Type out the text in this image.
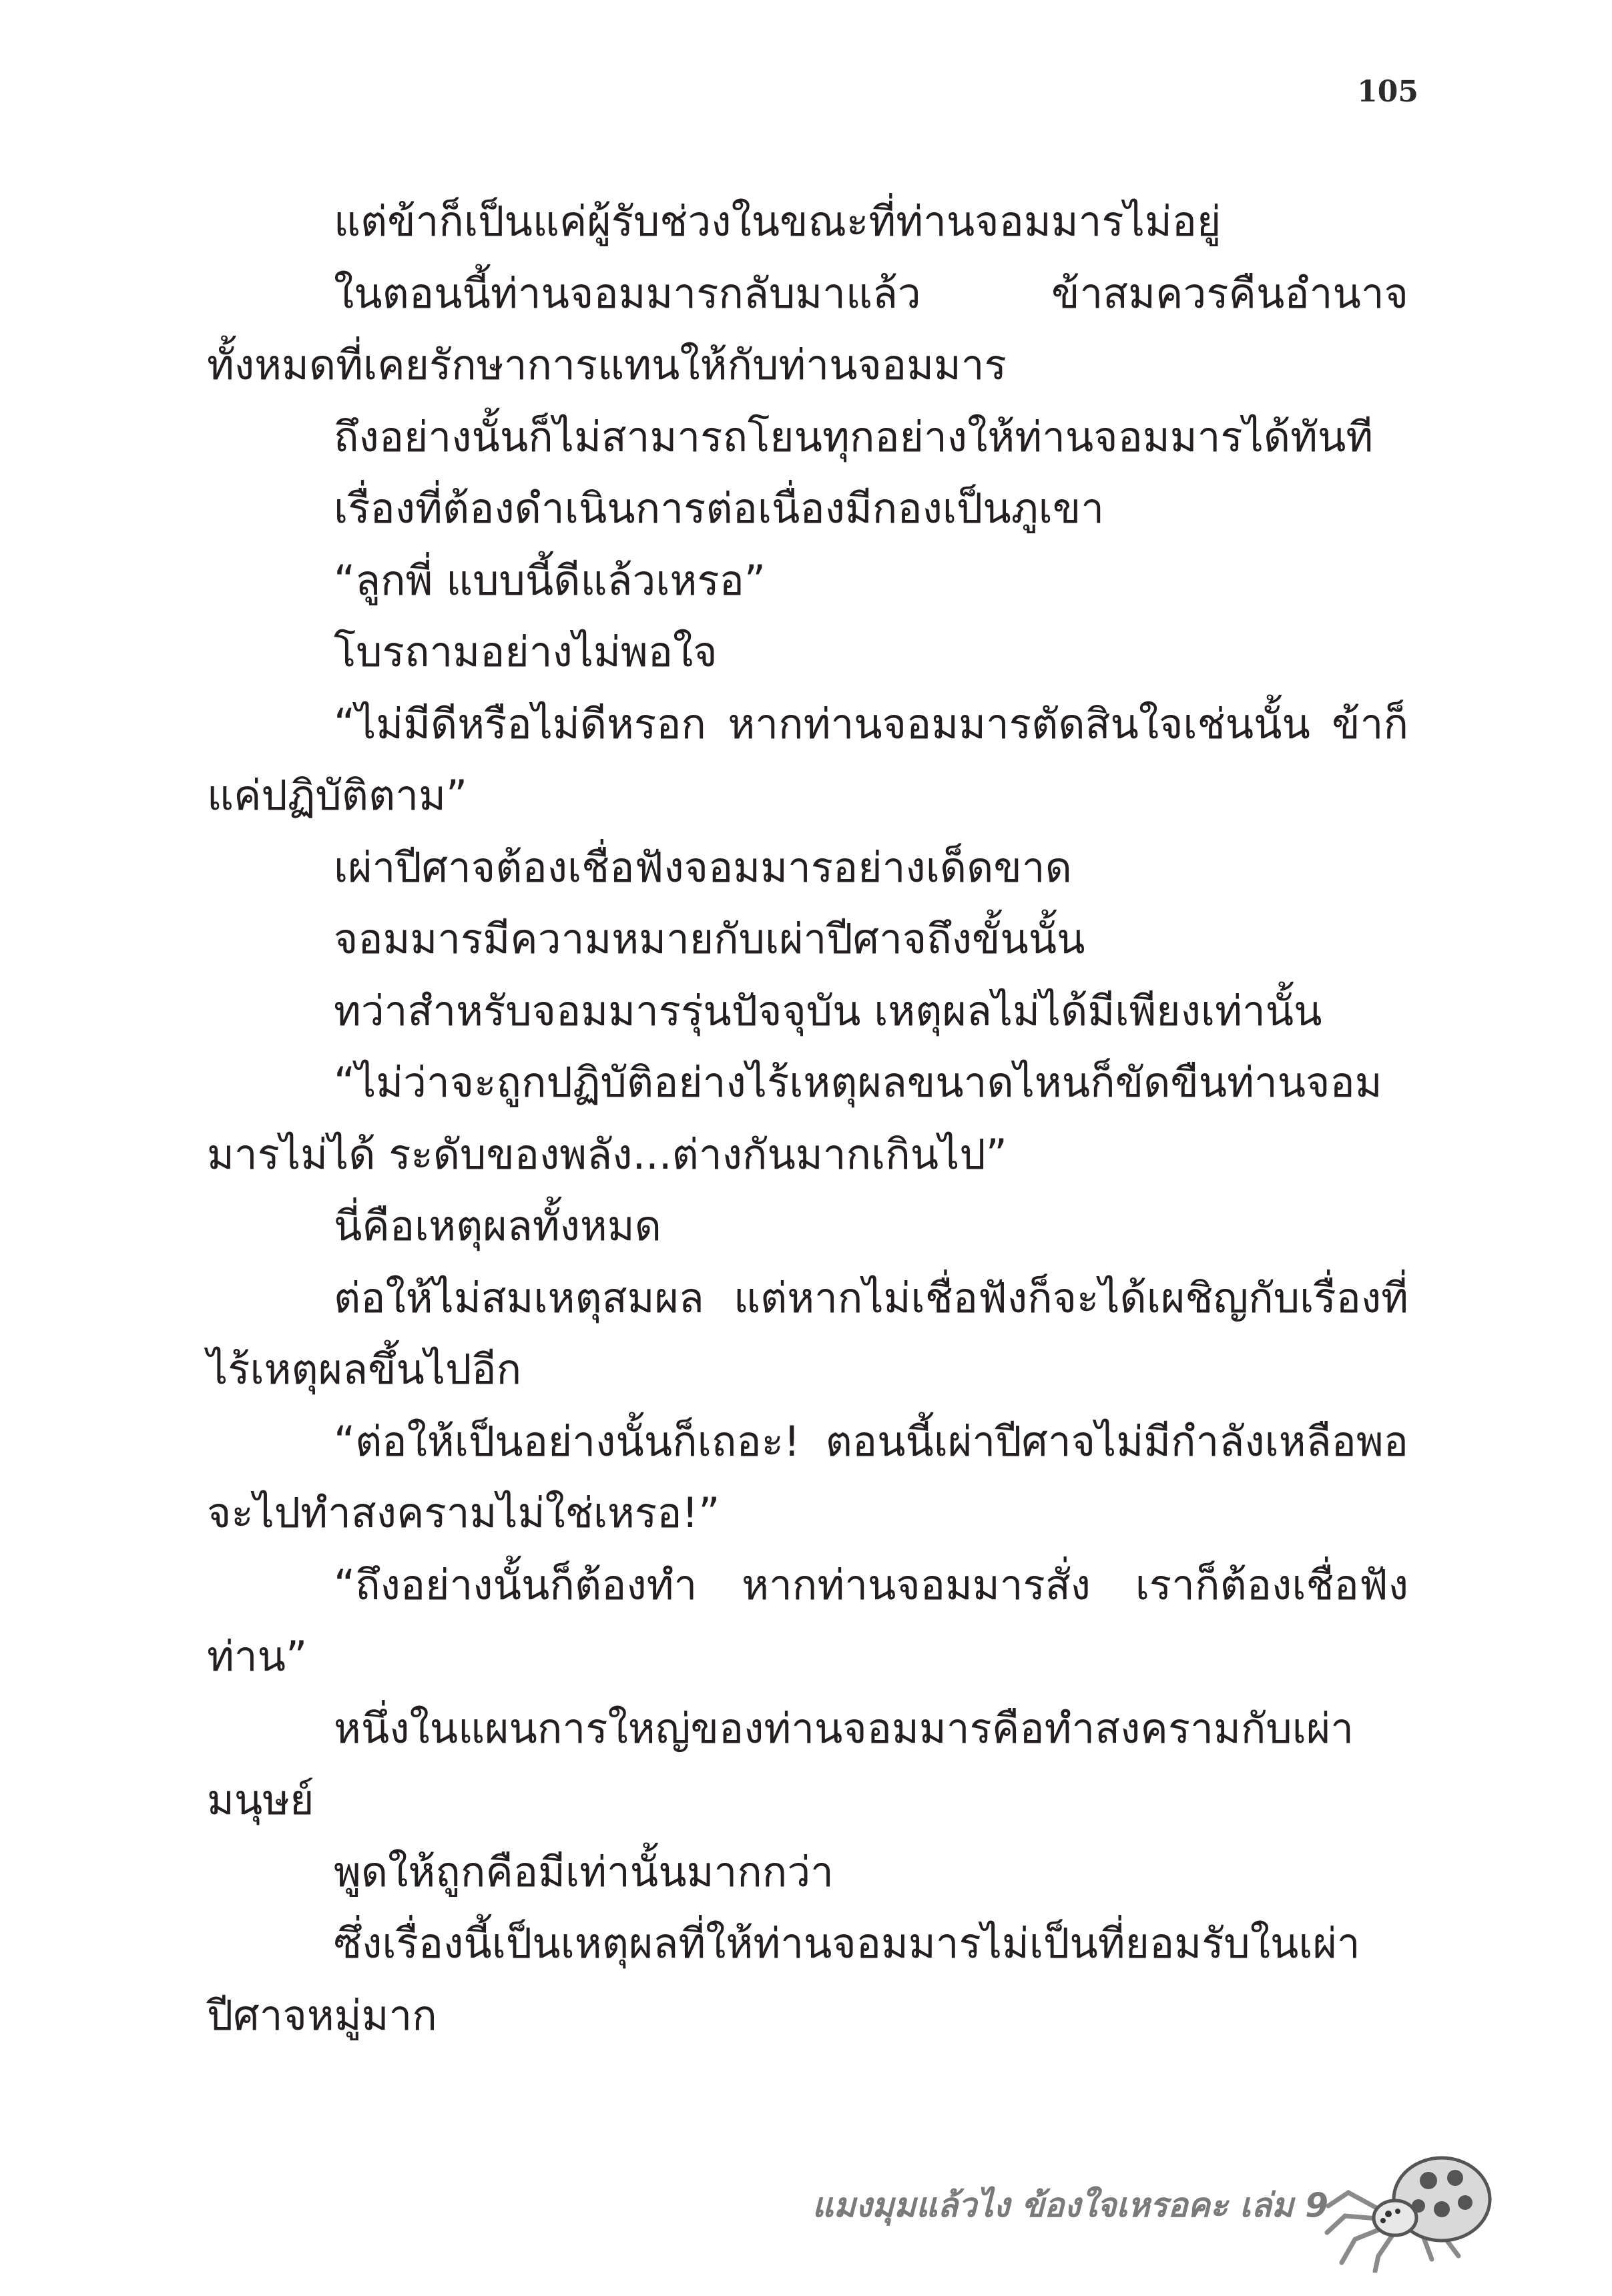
105

แต่ข้าก็เป็นแค่ผู้รับช่วงในขณะที่ท่านจอมมารไม่อยู่

ในตอนนี้ท่านจอมมารกลับมาแล้ว ข้าสมควรคืนอำนาจทั้งหมดที่เคยรักษาการแทนให้กับท่านจอมมาร

ถึงอย่างนั้นก็ไม่สามารถโยนทุกอย่างให้ท่านจอมมารได้ทันที

เรื่องที่ต้องดำเนินการต่อเนื่องมีกองเป็นภูเขา

“ลูกพี่ แบบนี้ดีแล้วเหรอ”

โบรถามอย่างไม่พอใจ

“ไม่มีดีหรือไม่ดีหรอก หากท่านจอมมารตัดสินใจเช่นนั้น ข้าก็แค่ปฏิบัติตาม”

เผ่าปีศาจต้องเชื่อฟังจอมมารอย่างเด็ดขาด

จอมมารมีความหมายกับเผ่าปีศาจถึงขั้นนั้น

ทว่าสำหรับจอมมารรุ่นปัจจุบัน เหตุผลไม่ได้มีเพียงเท่านั้น

“ไม่ว่าจะถูกปฏิบัติอย่างไร้เหตุผลขนาดไหนก็ขัดขืนท่านจอมมารไม่ได้ ระดับของพลัง...ต่างกันมากเกินไป”

นี่คือเหตุผลทั้งหมด

ต่อให้ไม่สมเหตุสมผล แต่หากไม่เชื่อฟังก็จะได้เผชิญกับเรื่องที่ไร้เหตุผลขึ้นไปอีก

“ต่อให้เป็นอย่างนั้นก็เถอะ! ตอนนี้เผ่าปีศาจไม่มีกำลังเหลือพอจะไปทำสงครามไม่ใช่เหรอ!”

“ถึงอย่างนั้นก็ต้องทำ หากท่านจอมมารสั่ง เราก็ต้องเชื่อฟังท่าน”

หนึ่งในแผนการใหญ่ของท่านจอมมารคือทำสงครามกับเผ่ามนุษย์

พูดให้ถูกคือมีเท่านั้นมากกว่า

ซึ่งเรื่องนี้เป็นเหตุผลที่ให้ท่านจอมมารไม่เป็นที่ยอมรับในเผ่าปีศาจหมู่มาก

แมงมุมแล้วไง ข้องใจเหรอคะ เล่ม 9
